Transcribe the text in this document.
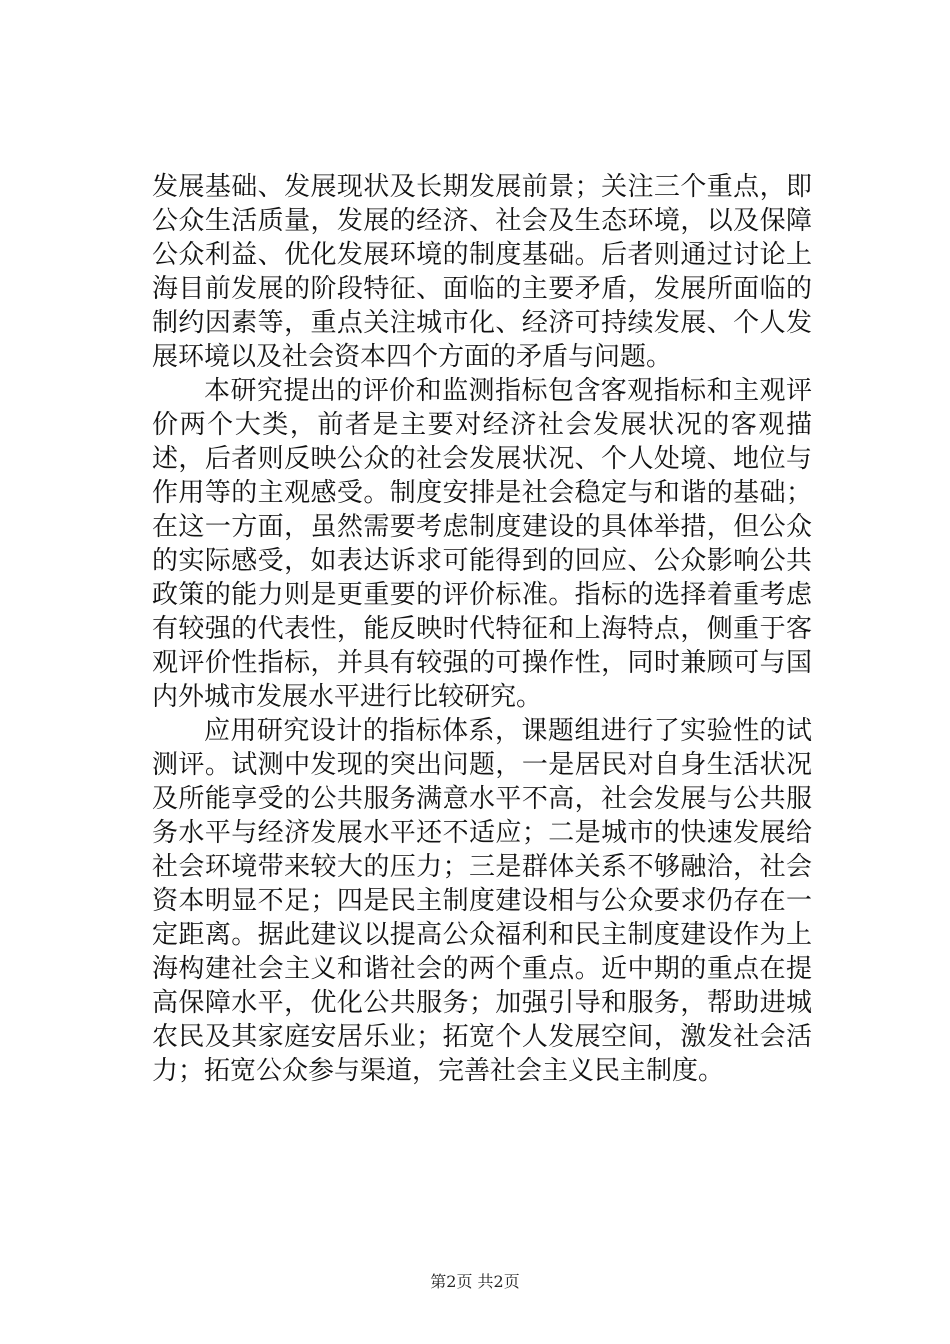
发展基础、发展现状及长期发展前景；关注三个重点，即公众生活质量，发展的经济、社会及生态环境，以及保障公众利益、优化发展环境的制度基础。后者则通过讨论上海目前发展的阶段特征、面临的主要矛盾，发展所面临的制约因素等，重点关注城市化、经济可持续发展、个人发展环境以及社会资本四个方面的矛盾与问题。

本研究提出的评价和监测指标包含客观指标和主观评价两个大类，前者是主要对经济社会发展状况的客观描述，后者则反映公众的社会发展状况、个人处境、地位与作用等的主观感受。制度安排是社会稳定与和谐的基础；在这一方面，虽然需要考虑制度建设的具体举措，但公众的实际感受，如表达诉求可能得到的回应、公众影响公共政策的能力则是更重要的评价标准。指标的选择着重考虑有较强的代表性，能反映时代特征和上海特点，侧重于客观评价性指标，并具有较强的可操作性，同时兼顾可与国内外城市发展水平进行比较研究。

应用研究设计的指标体系，课题组进行了实验性的试测评。试测中发现的突出问题，一是居民对自身生活状况及所能享受的公共服务满意水平不高，社会发展与公共服务水平与经济发展水平还不适应；二是城市的快速发展给社会环境带来较大的压力；三是群体关系不够融洽，社会资本明显不足；四是民主制度建设相与公众要求仍存在一定距离。据此建议以提高公众福利和民主制度建设作为上海构建社会主义和谐社会的两个重点。近中期的重点在提高保障水平，优化公共服务；加强引导和服务，帮助进城农民及其家庭安居乐业；拓宽个人发展空间，激发社会活力；拓宽公众参与渠道，完善社会主义民主制度。

第2页 共2页
